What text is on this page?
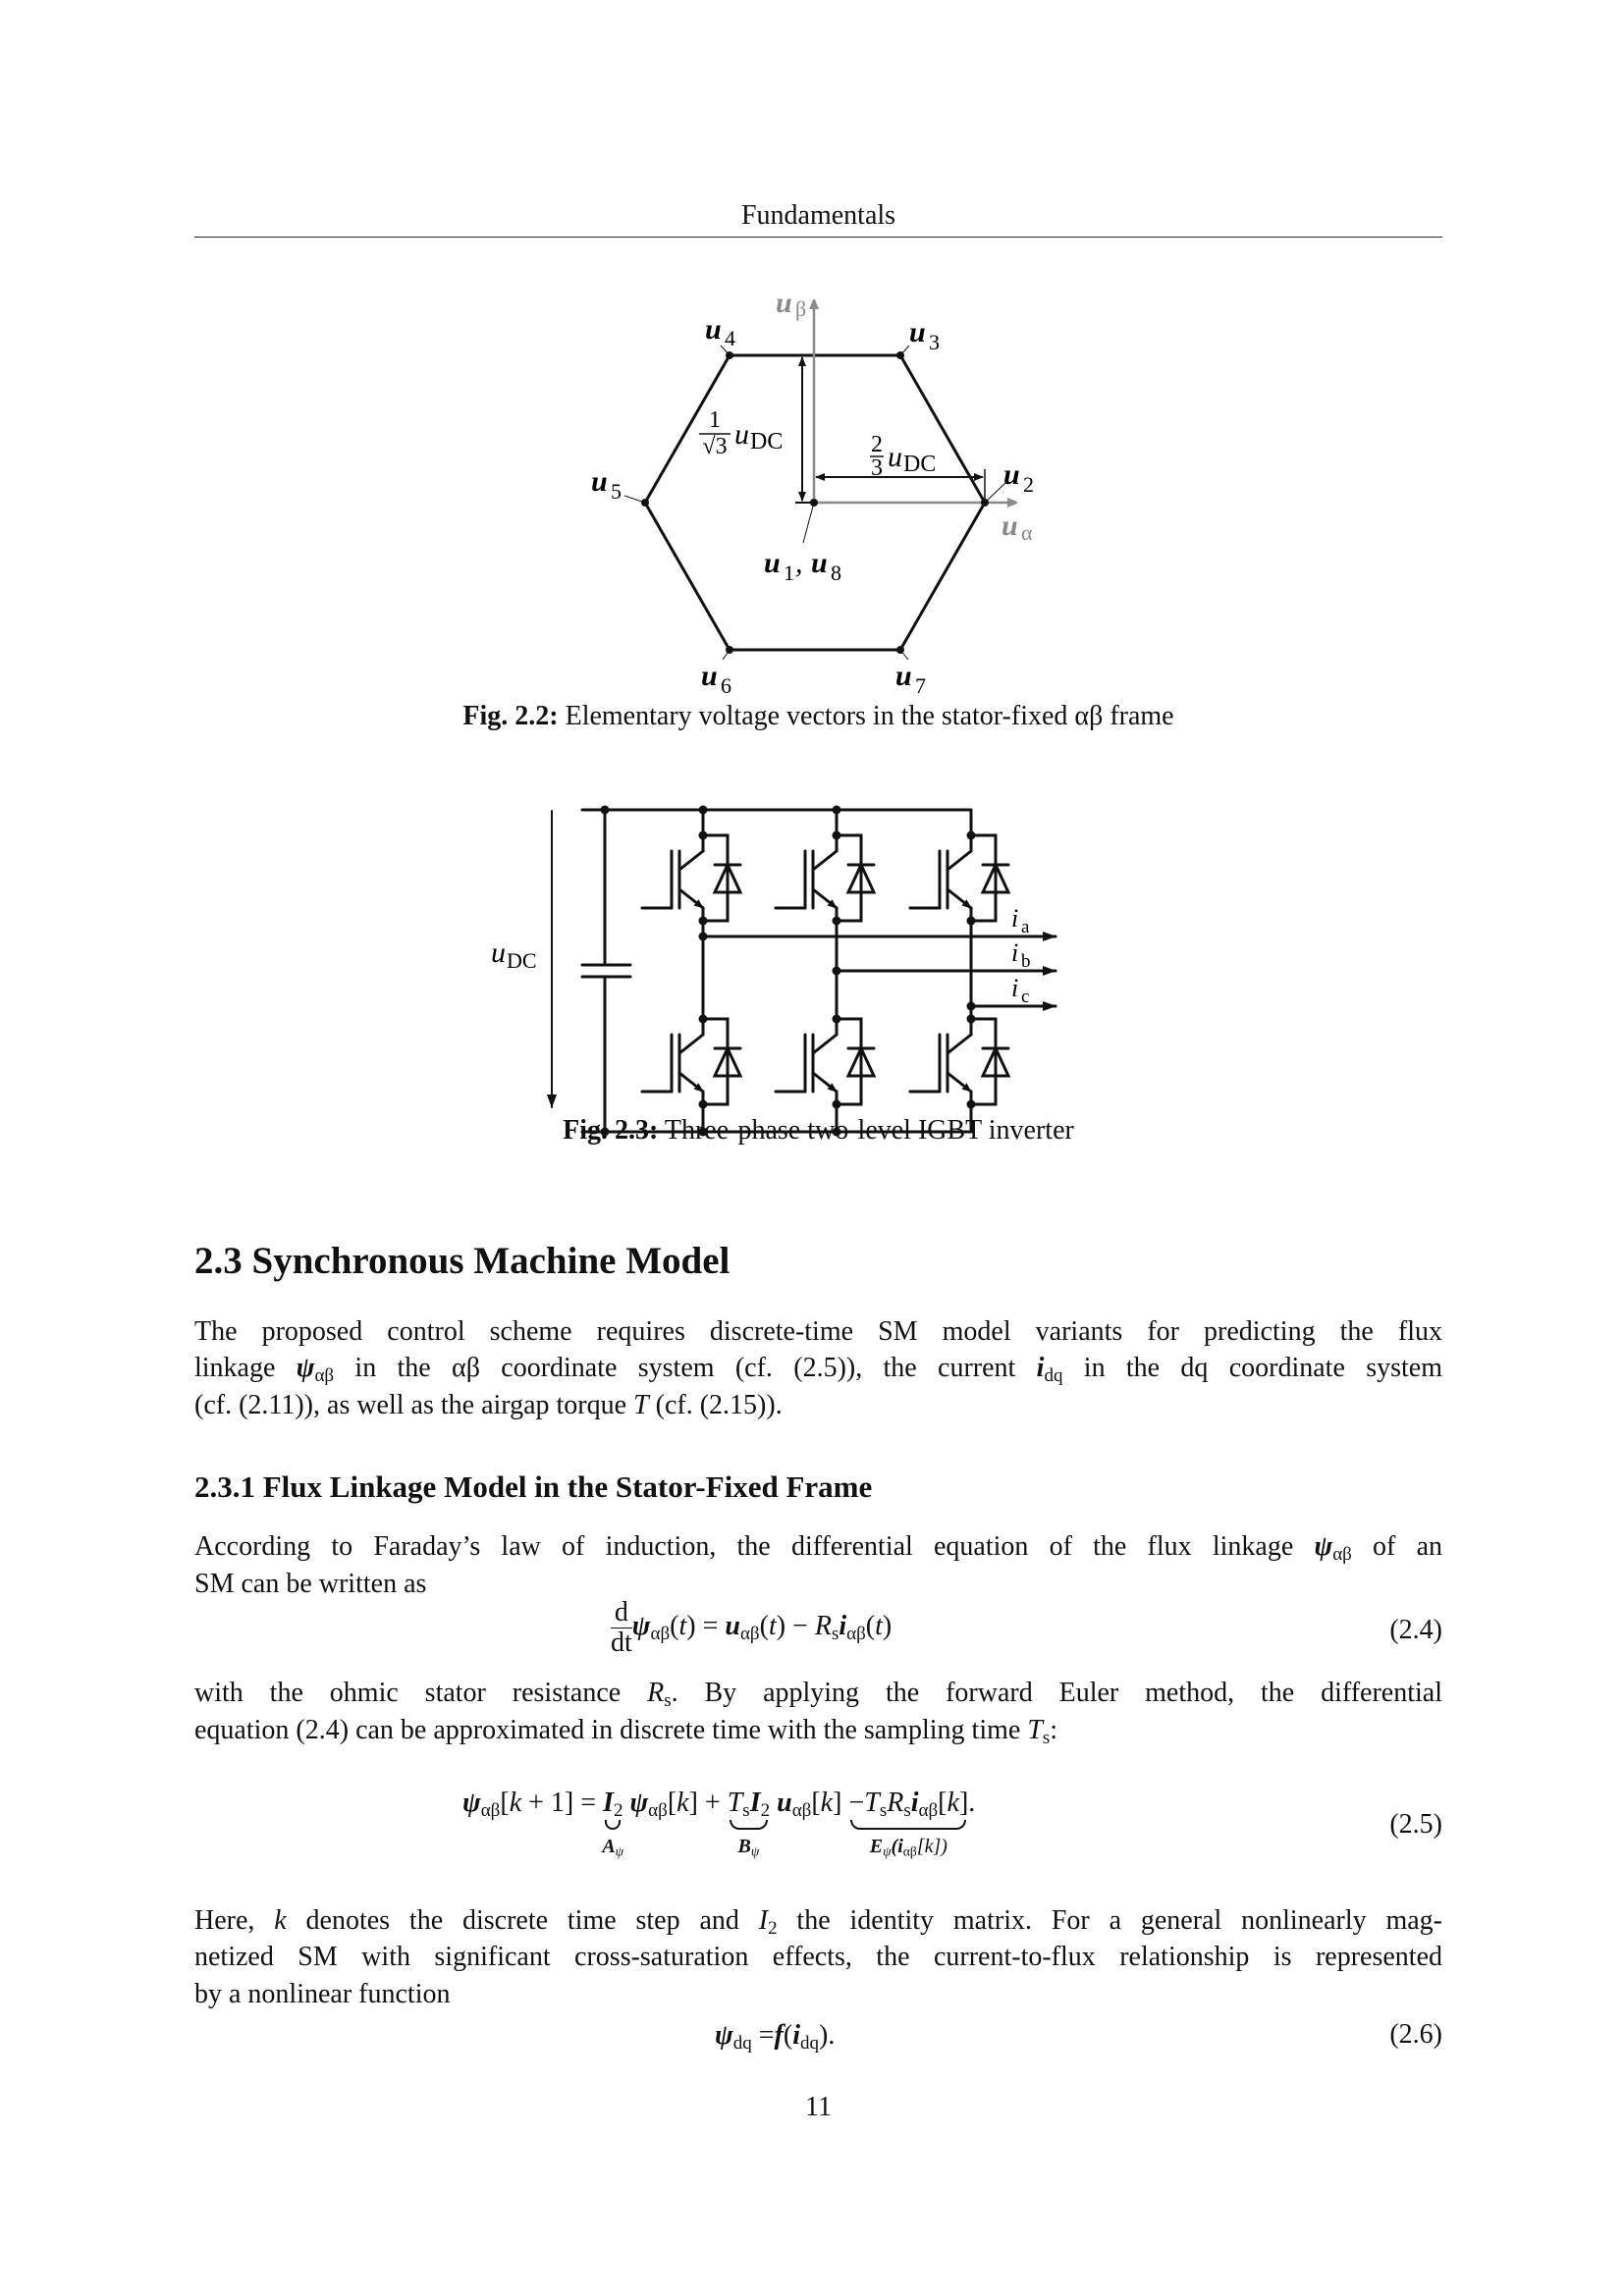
Fundamentals
u 4	u 3
u 5
u 2
u 1 , u 8
u 6	u 7
u β
u α
1
√3 u DC	2
3 u DC
u DC
i a
i b
i c
Fig. 2.2: Elementary voltage vectors in the stator-fixed αβ frame
Fig. 2.3: Three-phase two-level IGBT inverter
2.3 Synchronous Machine Model
2.3.1 Flux Linkage Model in the Stator-Fixed Frame
The proposed control scheme requires discrete-time SM model variants for predicting the flux
linkage $\psi_{\alpha\beta}$ in the αβ coordinate system (cf. (2.5)), the current $i_{dq}$ in the dq coordinate system
(cf. (2.11)), as well as the airgap torque T (cf. (2.15)).
According to Faraday’s law of induction, the differential equation of the flux linkage $\psi_{\alpha\beta}$ of an
SM can be written as
with the ohmic stator resistance $R_s$. By applying the forward Euler method, the differential
equation (2.4) can be approximated in discrete time with the sampling time $T_s$:
Here, k denotes the discrete time step and $I_2$ the identity matrix. For a general nonlinearly mag-
netized SM with significant cross-saturation effects, the current-to-flux relationship is represented
by a nonlinear function
$\frac{d}{dt} \psi_{\alpha\beta}(t) = u_{\alpha\beta}(t) - R_si_{\alpha\beta}(t)$	(2.4)
$\psi_{\alpha\beta}[k + 1] = I_2$
$A_\psi$
$\psi_{\alpha\beta}[k] + T_sI_2$
$B_\psi$
$u_{\alpha\beta}[k] -T_sR_si_{\alpha\beta}[k]$
$E_\psi(i_{\alpha\beta}[k])$
.
(2.5)
$\psi_{dq} =f(i_{dq})$.	(2.6)
11
